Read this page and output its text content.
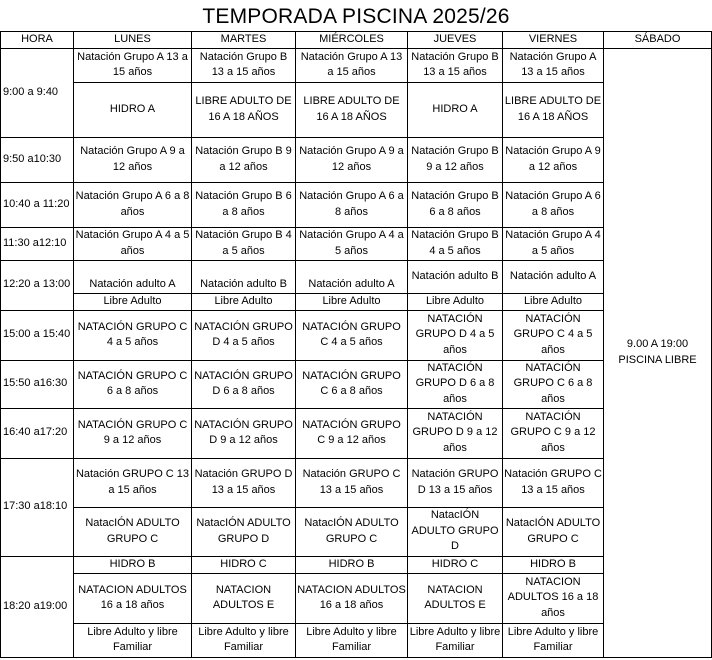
TEMPORADA PISCINA 2025/26
HORA	LUNES	MARTES	MIÉRCOLES	JUEVES	VIERNES	SÁBADO
9:00 a 9:40	Natación Grupo A 13 a 15 años	Natación Grupo B 13 a 15 años	Natación Grupo A 13 a 15 años	Natación Grupo B 13 a 15 años	Natación Grupo A 13 a 15 años	9.00 A 19:00 PISCINA LIBRE
	HIDRO A	LIBRE ADULTO DE 16 A 18 AÑOS	LIBRE ADULTO DE 16 A 18 AÑOS	HIDRO A	LIBRE ADULTO DE 16 A 18 AÑOS	
9:50 a10:30	Natación Grupo A 9 a 12 años	Natación Grupo B 9 a 12 años	Natación Grupo A 9 a 12 años	Natación Grupo B 9 a 12 años	Natación Grupo A 9 a 12 años	
10:40 a 11:20	Natación Grupo A 6 a 8 años	Natación Grupo B 6 a 8 años	Natación Grupo A 6 a 8 años	Natación Grupo B 6 a 8 años	Natación Grupo A 6 a 8 años	
11:30 a12:10	Natación Grupo A 4 a 5 años	Natación Grupo B 4 a 5 años	Natación Grupo A 4 a 5 años	Natación Grupo B 4 a 5 años	Natación Grupo A 4 a 5 años	
12:20 a 13:00	Natación adulto A	Natación adulto B	Natación adulto A	Natación adulto B	Natación adulto A	
	Libre Adulto	Libre Adulto	Libre Adulto	Libre Adulto	Libre Adulto	
15:00 a 15:40	NATACIÓN GRUPO C 4 a 5 años	NATACIÓN GRUPO D 4 a 5 años	NATACIÓN GRUPO C 4 a 5 años	NATACIÓN GRUPO D 4 a 5 años	NATACIÓN GRUPO C 4 a 5 años	
15:50 a16:30	NATACIÓN GRUPO C 6 a 8 años	NATACIÓN GRUPO D 6 a 8 años	NATACIÓN GRUPO C 6 a 8 años	NATACIÓN GRUPO D 6 a 8 años	NATACIÓN GRUPO C 6 a 8 años	
16:40 a17:20	NATACIÓN GRUPO C 9 a 12 años	NATACIÓN GRUPO D 9 a 12 años	NATACIÓN GRUPO C 9 a 12 años	NATACIÓN GRUPO D 9 a 12 años	NATACIÓN GRUPO C 9 a 12 años	
17:30 a18:10	Natación GRUPO C 13 a 15 años	Natación GRUPO D 13 a 15 años	Natación GRUPO C 13 a 15 años	Natación GRUPO D 13 a 15 años	Natación GRUPO C 13 a 15 años	
	NatacIÓN ADULTO GRUPO C	NatacIÓN ADULTO GRUPO D	NatacIÓN ADULTO GRUPO C	NatacIÓN ADULTO GRUPO D	NatacIÓN ADULTO GRUPO C	
18:20 a19:00	HIDRO B	HIDRO C	HIDRO B	HIDRO C	HIDRO B	
	NATACION ADULTOS 16 a 18 años	NATACION ADULTOS E	NATACION ADULTOS 16 a 18 años	NATACION ADULTOS E	NATACION ADULTOS 16 a 18 años	
	Libre Adulto y libre Familiar	Libre Adulto y libre Familiar	Libre Adulto y libre Familiar	Libre Adulto y libre Familiar	Libre Adulto y libre Familiar	
